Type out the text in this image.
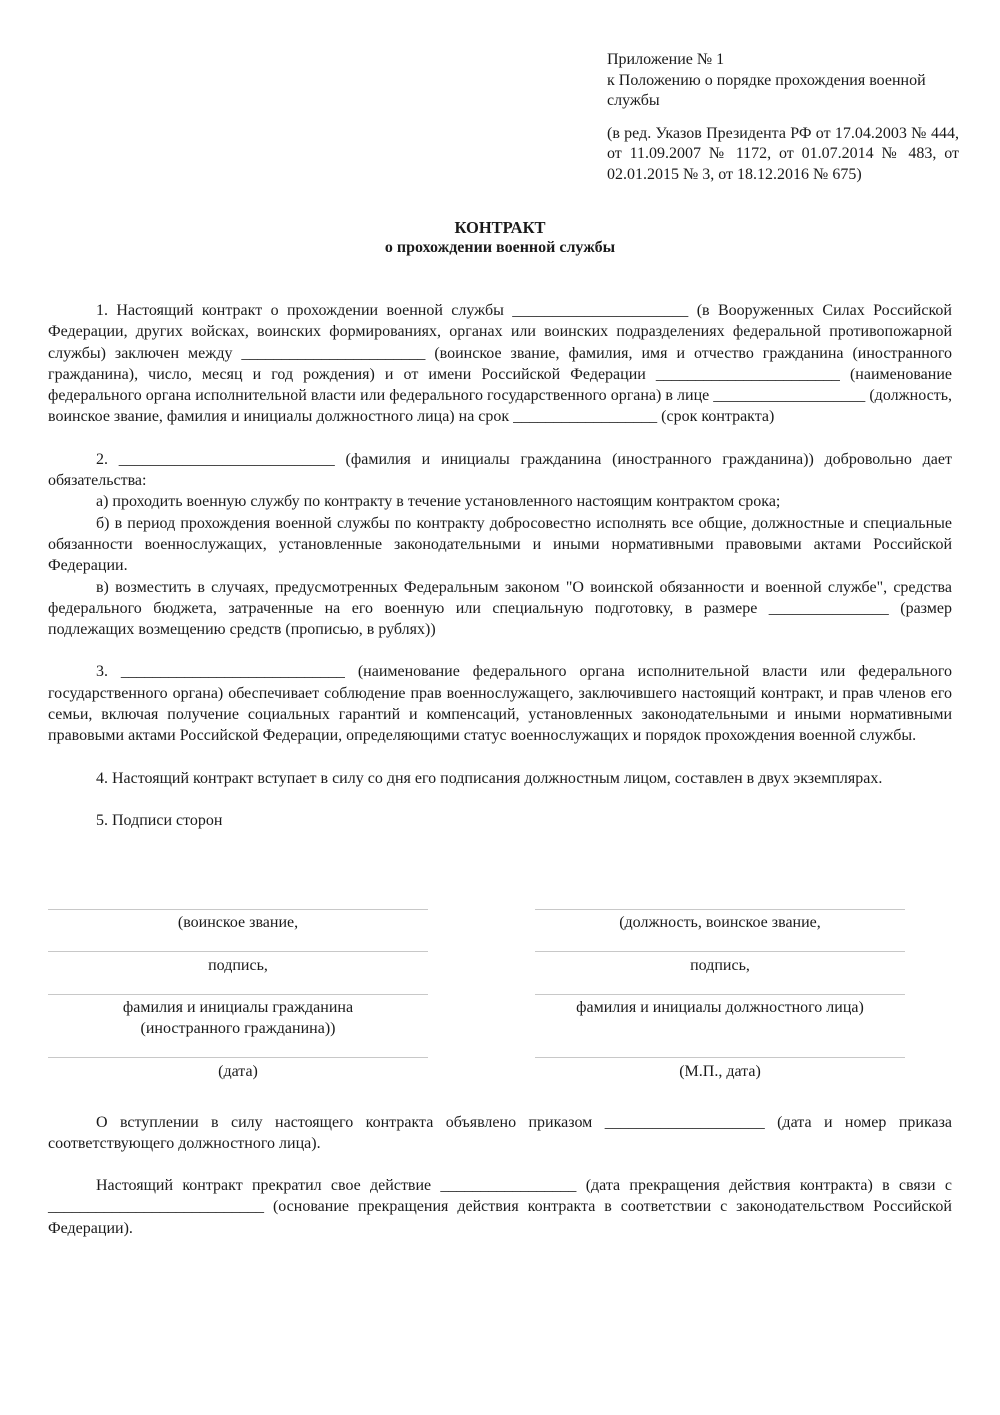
Приложение № 1

к Положению о порядке прохождения военной службы

(в ред. Указов Президента РФ от 17.04.2003 № 444, от 11.09.2007 № 1172, от 01.07.2014 № 483, от 02.01.2015 № 3, от 18.12.2016 № 675)

КОНТРАКТ
о прохождении военной службы

1. Настоящий контракт о прохождении военной службы ______________________ (в Вооруженных Силах Российской Федерации, других войсках, воинских формированиях, органах или воинских подразделениях федеральной противопожарной службы) заключен между _______________________ (воинское звание, фамилия, имя и отчество гражданина (иностранного гражданина), число, месяц и год рождения) и от имени Российской Федерации _______________________ (наименование федерального органа исполнительной власти или федерального государственного органа) в лице ___________________ (должность, воинское звание, фамилия и инициалы должностного лица) на срок __________________ (срок контракта)

2. ___________________________ (фамилия и инициалы гражданина (иностранного гражданина)) добровольно дает обязательства:

а) проходить военную службу по контракту в течение установленного настоящим контрактом срока;

б) в период прохождения военной службы по контракту добросовестно исполнять все общие, должностные и специальные обязанности военнослужащих, установленные законодательными и иными нормативными правовыми актами Российской Федерации.

в) возместить в случаях, предусмотренных Федеральным законом "О воинской обязанности и военной службе", средства федерального бюджета, затраченные на его военную или специальную подготовку, в размере _______________ (размер подлежащих возмещению средств (прописью, в рублях))

3. ____________________________ (наименование федерального органа исполнительной власти или федерального государственного органа) обеспечивает соблюдение прав военнослужащего, заключившего настоящий контракт, и прав членов его семьи, включая получение социальных гарантий и компенсаций, установленных законодательными и иными нормативными правовыми актами Российской Федерации, определяющими статус военнослужащих и порядок прохождения военной службы.

4. Настоящий контракт вступает в силу со дня его подписания должностным лицом, составлен в двух экземплярах.

5. Подписи сторон

(воинское звание,
подпись,
фамилия и инициалы гражданина
(иностранного гражданина))
(дата)
(должность, воинское звание,
подпись,
фамилия и инициалы должностного лица)
(М.П., дата)

О вступлении в силу настоящего контракта объявлено приказом ____________________ (дата и номер приказа соответствующего должностного лица).

Настоящий контракт прекратил свое действие _________________ (дата прекращения действия контракта) в связи с ___________________________ (основание прекращения действия контракта в соответствии с законодательством Российской Федерации).
